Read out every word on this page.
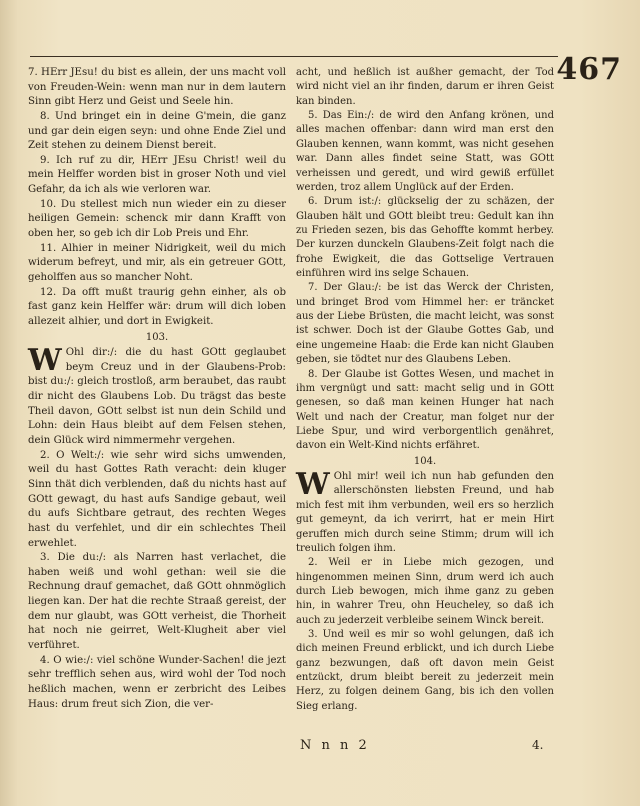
467

7. HErr JEsu! du bist es allein, der uns macht voll von Freuden-Wein: wenn man nur in dem lautern Sinn gibt Herz und Geist und Seele hin.

8. Und bringet ein in deine G'mein, die ganz und gar dein eigen seyn: und ohne Ende Ziel und Zeit stehen zu deinem Dienst bereit.

9. Ich ruf zu dir, HErr JEsu Christ! weil du mein Helffer worden bist in groser Noth und viel Gefahr, da ich als wie verloren war.

10. Du stellest mich nun wieder ein zu dieser heiligen Gemein: schenck mir dann Krafft von oben her, so geb ich dir Lob Preis und Ehr.

11. Alhier in meiner Nidrigkeit, weil du mich widerum befreyt, und mir, als ein getreuer GOtt, geholffen aus so mancher Noht.

12. Da offt mußt traurig gehn einher, als ob fast ganz kein Helffer wär: drum will dich loben allezeit alhier, und dort in Ewigkeit.

103.

W Ohl dir:/: die du hast GOtt geglaubet beym Creuz und in der Glaubens-Prob: bist du:/: gleich trostloß, arm beraubet, das raubt dir nicht des Glaubens Lob. Du trägst das beste Theil davon, GOtt selbst ist nun dein Schild und Lohn: dein Haus bleibt auf dem Felsen stehen, dein Glück wird nimmermehr vergehen.

2. O Welt:/: wie sehr wird sichs umwenden, weil du hast Gottes Rath veracht: dein kluger Sinn thät dich verblenden, daß du nichts hast auf GOtt gewagt, du hast aufs Sandige gebaut, weil du aufs Sichtbare getraut, des rechten Weges hast du verfehlet, und dir ein schlechtes Theil erwehlet.

3. Die du:/: als Narren hast verlachet, die haben weiß und wohl gethan: weil sie die Rechnung drauf gemachet, daß GOtt ohnmöglich liegen kan. Der hat die rechte Straaß gereist, der dem nur glaubt, was GOtt verheist, die Thorheit hat noch nie geirret, Welt-Klugheit aber viel verführet.

4. O wie:/: viel schöne Wunder-Sachen! die jezt sehr trefflich sehen aus, wird wohl der Tod noch heßlich machen, wenn er zerbricht des Leibes Haus: drum freut sich Zion, die ver-

acht, und heßlich ist außher gemacht, der Tod wird nicht viel an ihr finden, darum er ihren Geist kan binden.

5. Das Ein:/: de wird den Anfang krönen, und alles machen offenbar: dann wird man erst den Glauben kennen, wann kommt, was nicht gesehen war. Dann alles findet seine Statt, was GOtt verheissen und geredt, und wird gewiß erfüllet werden, troz allem Unglück auf der Erden.

6. Drum ist:/: glückselig der zu schäzen, der Glauben hält und GOtt bleibt treu: Gedult kan ihn zu Frieden sezen, bis das Gehoffte kommt herbey. Der kurzen dunckeln Glaubens-Zeit folgt nach die frohe Ewigkeit, die das Gottselige Vertrauen einführen wird ins selge Schauen.

7. Der Glau:/: be ist das Werck der Christen, und bringet Brod vom Himmel her: er träncket aus der Liebe Brüsten, die macht leicht, was sonst ist schwer. Doch ist der Glaube Gottes Gab, und eine ungemeine Haab: die Erde kan nicht Glauben geben, sie tödtet nur des Glaubens Leben.

8. Der Glaube ist Gottes Wesen, und machet in ihm vergnügt und satt: macht selig und in GOtt genesen, so daß man keinen Hunger hat nach Welt und nach der Creatur, man folget nur der Liebe Spur, und wird verborgentlich genähret, davon ein Welt-Kind nichts erfähret.

104.

W Ohl mir! weil ich nun hab gefunden den allerschönsten liebsten Freund, und hab mich fest mit ihm verbunden, weil ers so herzlich gut gemeynt, da ich verirrt, hat er mein Hirt geruffen mich durch seine Stimm; drum will ich treulich folgen ihm.

2. Weil er in Liebe mich gezogen, und hingenommen meinen Sinn, drum werd ich auch durch Lieb bewogen, mich ihme ganz zu geben hin, in wahrer Treu, ohn Heucheley, so daß ich auch zu jederzeit verbleibe seinem Winck bereit.

3. Und weil es mir so wohl gelungen, daß ich dich meinen Freund erblickt, und ich durch Liebe ganz bezwungen, daß oft davon mein Geist entzückt, drum bleibt bereit zu jederzeit mein Herz, zu folgen deinem Gang, bis ich den vollen Sieg erlang.

N n n 2	4.
